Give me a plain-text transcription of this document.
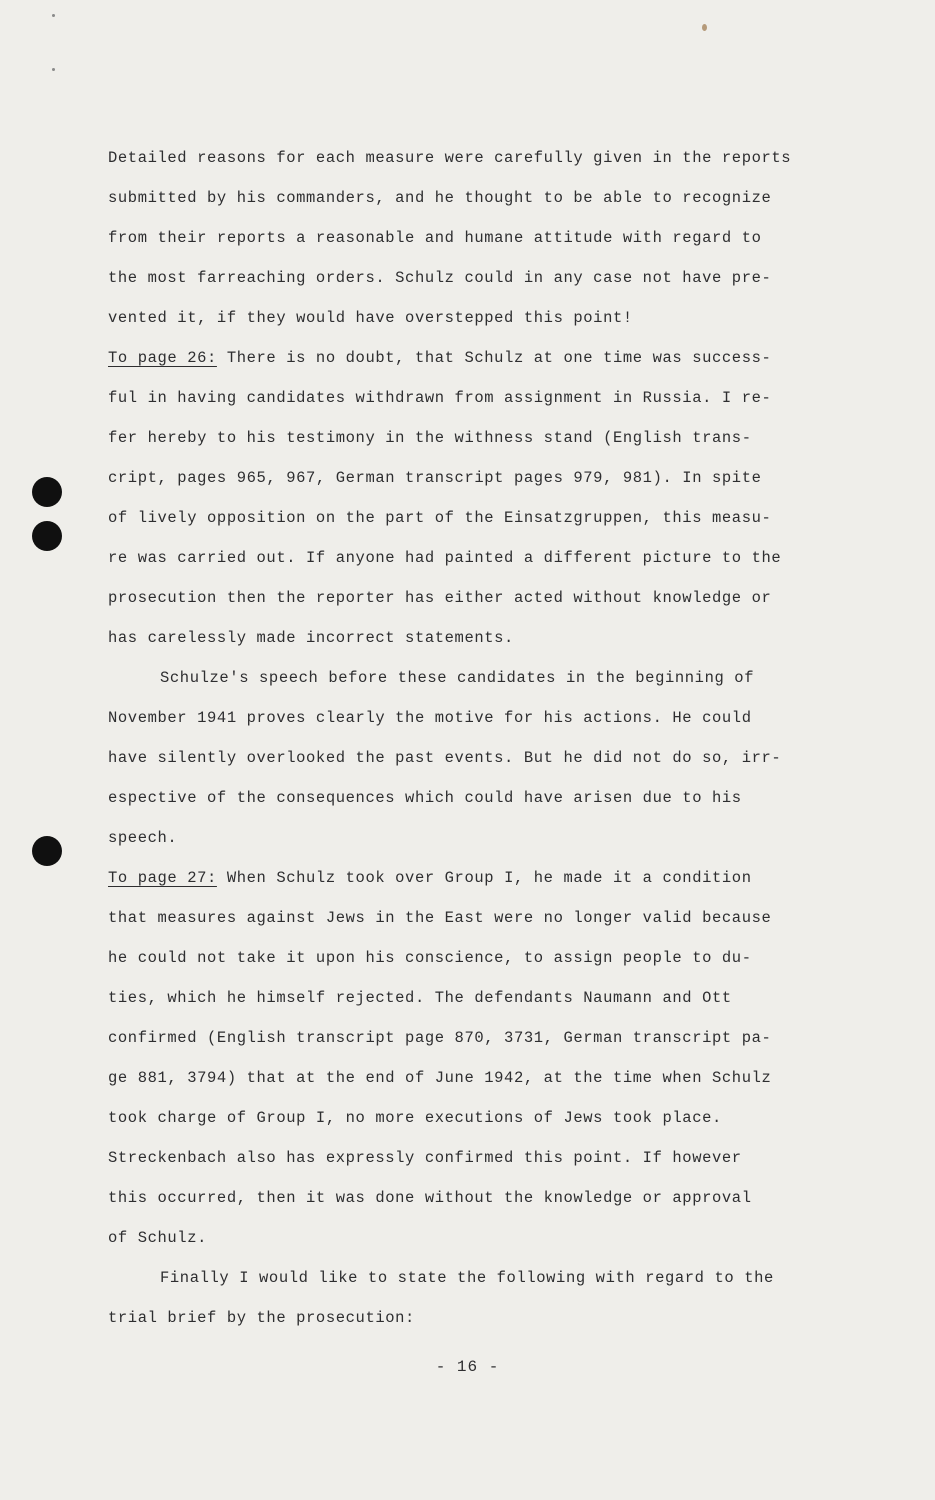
Detailed reasons for each measure were carefully given in the reports
submitted by his commanders, and he thought to be able to recognize
from their reports a reasonable and humane attitude with regard to
the most farreaching orders. Schulz could in any case not have pre-
vented it, if they would have overstepped this point!
To page 26: There is no doubt, that Schulz at one time was success-
ful in having candidates withdrawn from assignment in Russia. I re-
fer hereby to his testimony in the withness stand (English trans-
cript, pages 965, 967, German transcript pages 979, 981). In spite
of lively opposition on the part of the Einsatzgruppen, this measu-
re was carried out. If anyone had painted a different picture to the
prosecution then the reporter has either acted without knowledge or
has carelessly made incorrect statements.
Schulze's speech before these candidates in the beginning of
November 1941 proves clearly the motive for his actions. He could
have silently overlooked the past events. But he did not do so, irr-
espective of the consequences which could have arisen due to his
speech.
To page 27: When Schulz took over Group I, he made it a condition
that measures against Jews in the East were no longer valid because
he could not take it upon his conscience, to assign people to du-
ties, which he himself rejected. The defendants Naumann and Ott
confirmed (English transcript page 870, 3731, German transcript pa-
ge 881, 3794) that at the end of June 1942, at the time when Schulz
took charge of Group I, no more executions of Jews took place.
Streckenbach also has expressly confirmed this point. If however
this occurred, then it was done without the knowledge or approval
of Schulz.
Finally I would like to state the following with regard to the
trial brief by the prosecution:
- 16 -
